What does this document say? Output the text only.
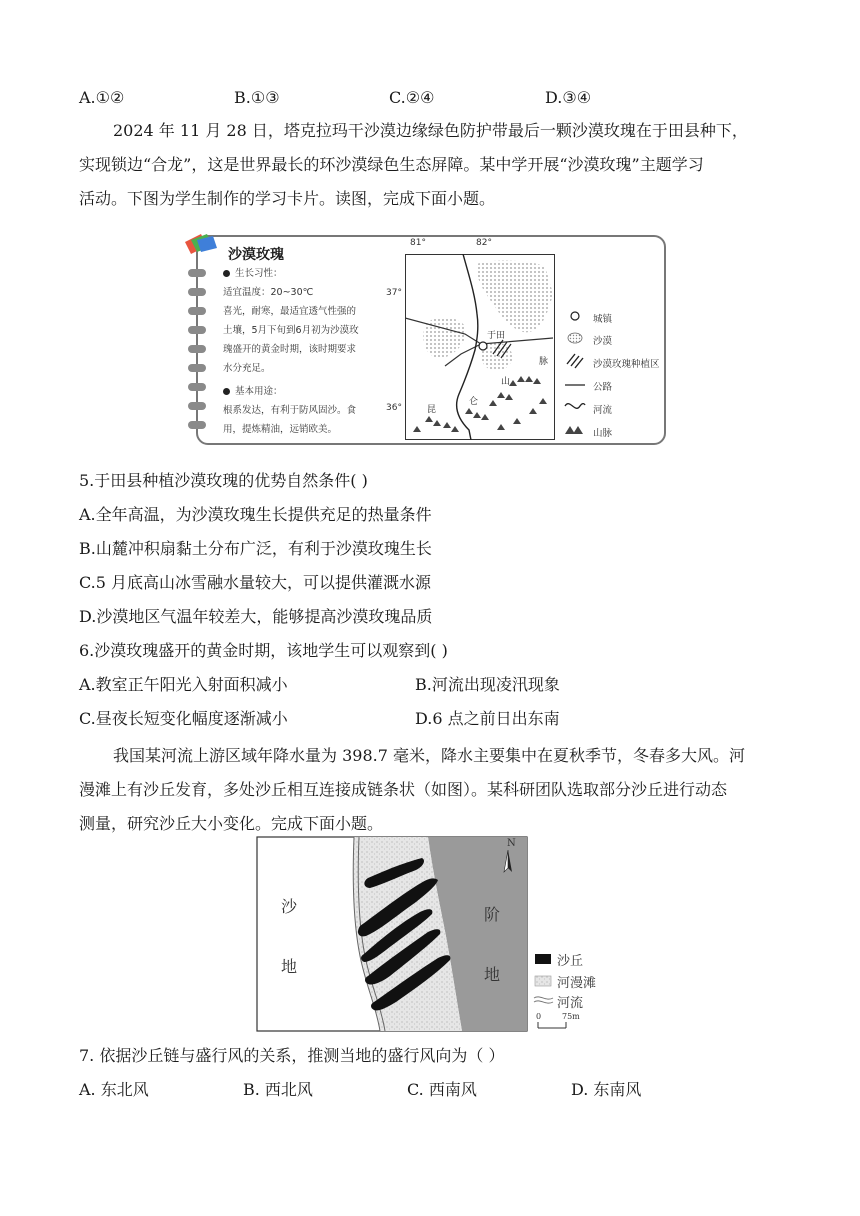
A.①②	B.①③	C.②④	D.③④
2024 年 11 月 28 日，塔克拉玛干沙漠边缘绿色防护带最后一颗沙漠玫瑰在于田县种下，
实现锁边“合龙”，这是世界最长的环沙漠绿色生态屏障。某中学开展“沙漠玫瑰”主题学习
活动。下图为学生制作的学习卡片。读图，完成下面小题。
沙漠玫瑰
生长习性：
适宜温度：20~30℃
喜光，耐寒，最适宜透气性强的
土壤，5月下旬到6月初为沙漠玫
瑰盛开的黄金时期，该时期要求
水分充足。
基本用途：
根系发达，有利于防风固沙。食
用，提炼精油，远销欧美。
81°	82°
37°
36°
于田
昆
仑
山
脉
城镇
沙漠
沙漠玫瑰种植区
公路
河流
山脉
5.于田县种植沙漠玫瑰的优势自然条件( )
A.全年高温，为沙漠玫瑰生长提供充足的热量条件
B.山麓冲积扇黏土分布广泛，有利于沙漠玫瑰生长
C.5 月底高山冰雪融水量较大，可以提供灌溉水源
D.沙漠地区气温年较差大，能够提高沙漠玫瑰品质
6.沙漠玫瑰盛开的黄金时期，该地学生可以观察到( )
A.教室正午阳光入射面积减小	B.河流出现凌汛现象
C.昼夜长短变化幅度逐渐减小	D.6 点之前日出东南
我国某河流上游区域年降水量为 398.7 毫米，降水主要集中在夏秋季节，冬春多大风。河
漫滩上有沙丘发育，多处沙丘相互连接成链条状（如图）。某科研团队选取部分沙丘进行动态
测量，研究沙丘大小变化。完成下面小题。
N
沙
地
阶
地
沙丘
河漫滩
河流
0	75m
7. 依据沙丘链与盛行风的关系，推测当地的盛行风向为（ ）
A. 东北风	B. 西北风	C. 西南风	D. 东南风
